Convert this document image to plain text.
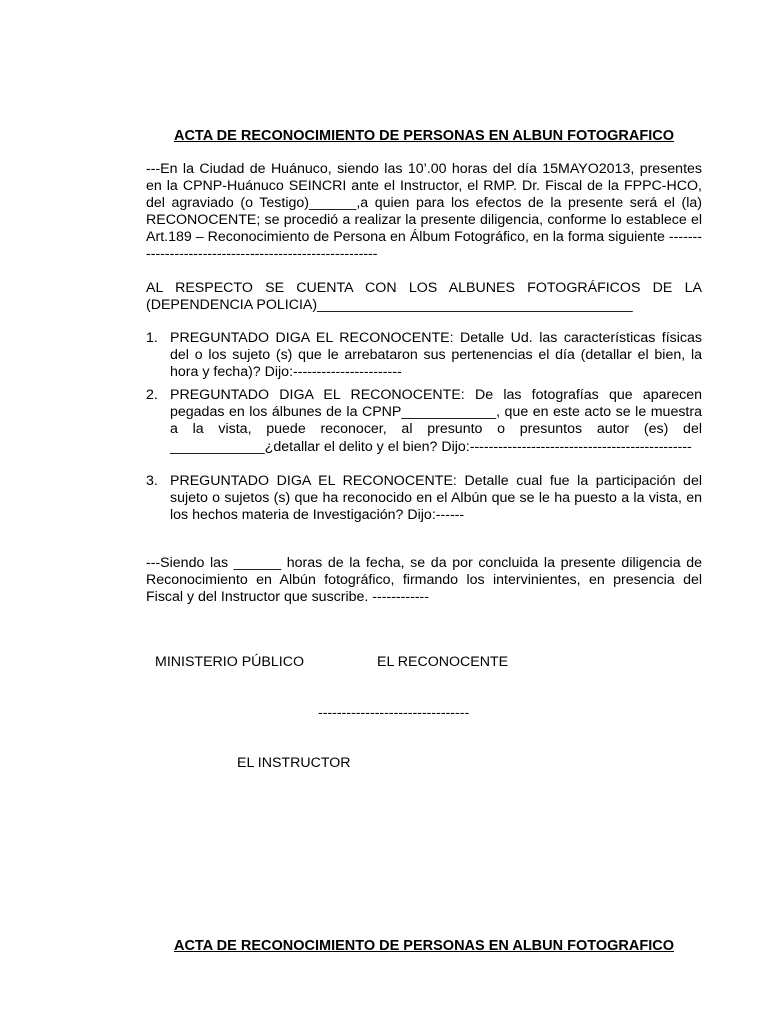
ACTA DE RECONOCIMIENTO DE PERSONAS EN ALBUN FOTOGRAFICO

---En la Ciudad de Huánuco, siendo las 10’.00 horas del día 15MAYO2013, presentes en la CPNP-Huánuco SEINCRI ante el Instructor, el RMP. Dr. Fiscal de la FPPC-HCO, del agraviado (o Testigo)______,a quien para los efectos de la presente será el (la) RECONOCENTE; se procedió a realizar la presente diligencia, conforme lo establece el Art.189 – Reconocimiento de Persona en Álbum Fotográfico, en la forma siguiente --------------------------------------------------------

AL RESPECTO SE CUENTA CON LOS ALBUNES FOTOGRÁFICOS DE LA (DEPENDENCIA POLICIA)________________________________________

1. PREGUNTADO DIGA EL RECONOCENTE: Detalle Ud. las características físicas del o los sujeto (s) que le arrebataron sus pertenencias el día (detallar el bien, la hora y fecha)? Dijo:-----------------------
2. PREGUNTADO DIGA EL RECONOCENTE: De las fotografías que aparecen pegadas en los álbunes de la CPNP____________, que en este acto se le muestra a la vista, puede reconocer, al presunto o presuntos autor (es) del ____________¿detallar el delito y el bien? Dijo:-----------------------------------------------
3. PREGUNTADO DIGA EL RECONOCENTE: Detalle cual fue la participación del sujeto o sujetos (s) que ha reconocido en el Albún que se le ha puesto a la vista, en los hechos materia de Investigación? Dijo:------

---Siendo las ______ horas de la fecha, se da por concluida la presente diligencia de Reconocimiento en Albún fotográfico, firmando los intervinientes, en presencia del Fiscal y del Instructor que suscribe. ------------

MINISTERIO PÚBLICO	EL RECONOCENTE
--------------------------------
EL INSTRUCTOR
ACTA DE RECONOCIMIENTO DE PERSONAS EN ALBUN FOTOGRAFICO
